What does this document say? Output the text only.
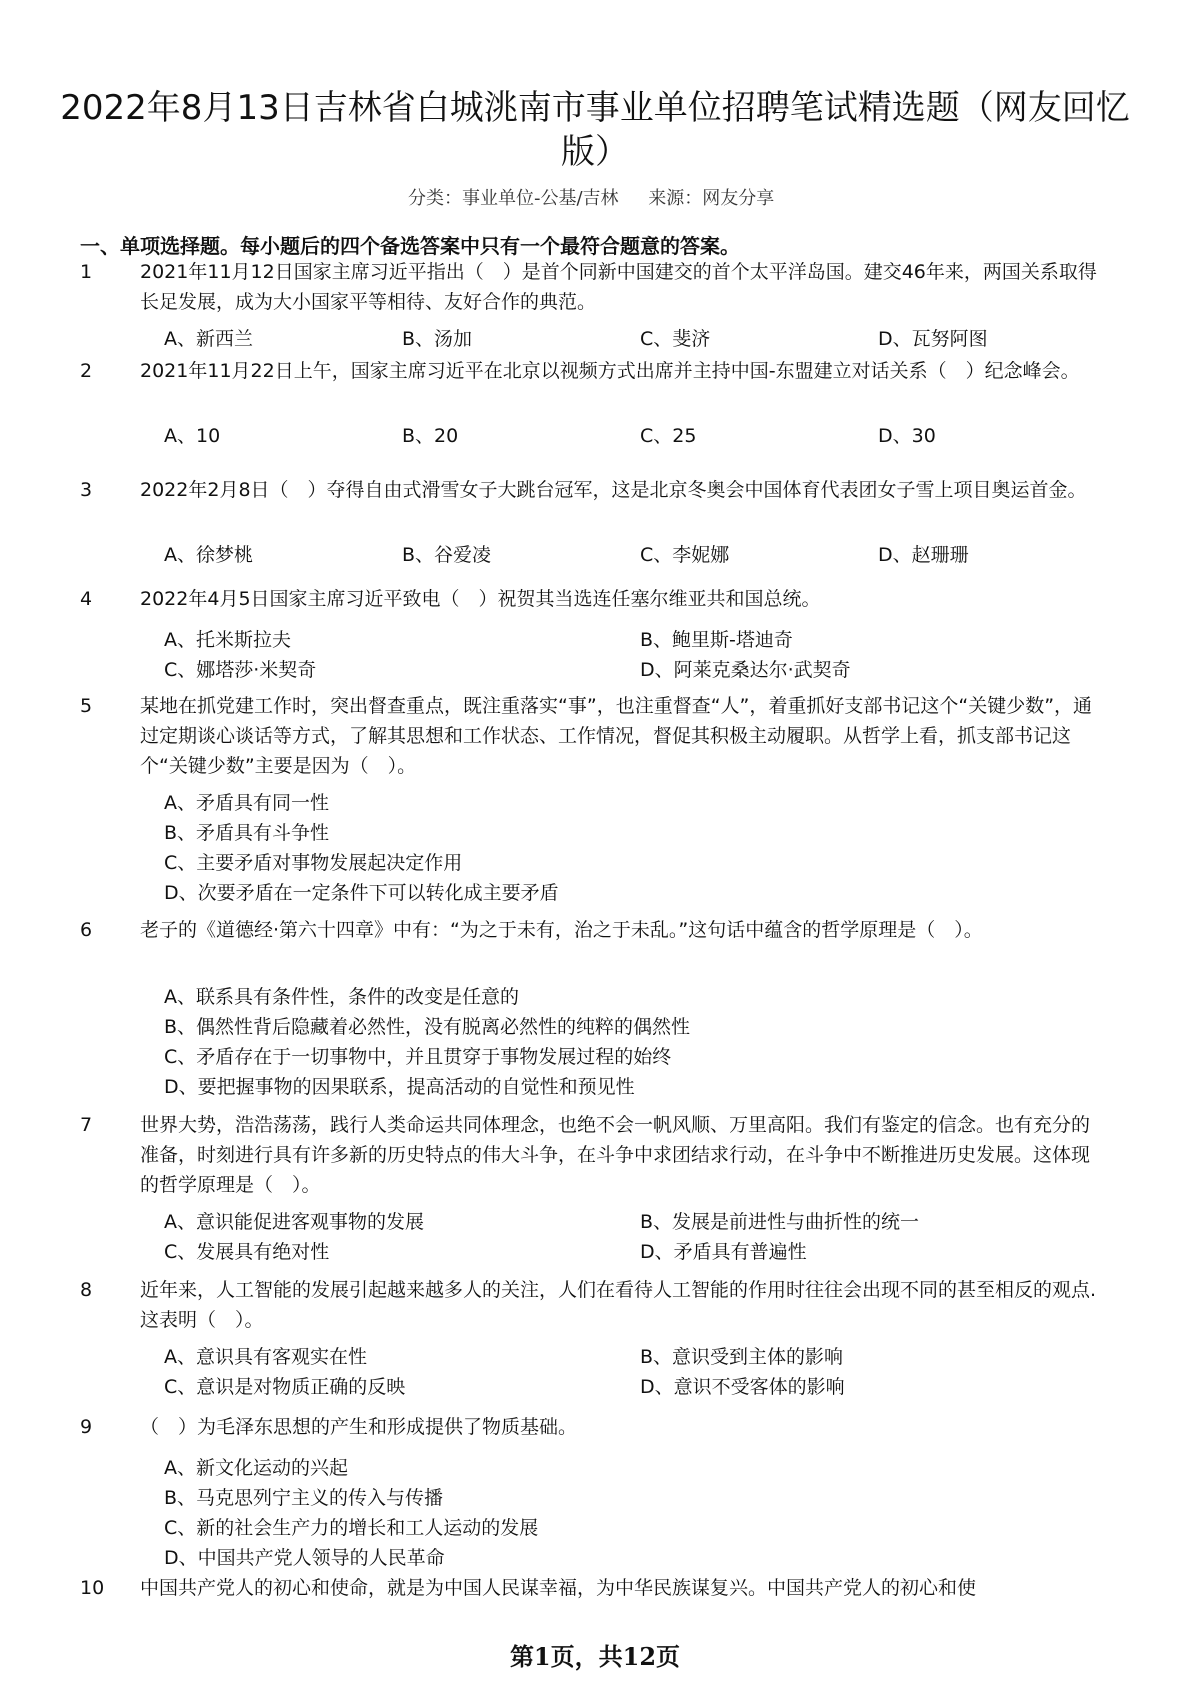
2022年8月13日吉林省白城洮南市事业单位招聘笔试精选题（网友回忆版）
分类：事业单位-公基/吉林 来源：网友分享
一、单项选择题。每小题后的四个备选答案中只有一个最符合题意的答案。
1	2021年11月12日国家主席习近平指出（　）是首个同新中国建交的首个太平洋岛国。建交46年来，两国关系取得长足发展，成为大小国家平等相待、友好合作的典范。

A、新西兰	B、汤加	C、斐济	D、瓦努阿图
2	2021年11月22日上午，国家主席习近平在北京以视频方式出席并主持中国-东盟建立对话关系（　）纪念峰会。

A、10	B、20	C、25	D、30
3	2022年2月8日（　）夺得自由式滑雪女子大跳台冠军，这是北京冬奥会中国体育代表团女子雪上项目奥运首金。

A、徐梦桃	B、谷爱凌	C、李妮娜	D、赵珊珊
4	2022年4月5日国家主席习近平致电（　）祝贺其当选连任塞尔维亚共和国总统。

A、托米斯拉夫	B、鲍里斯-塔迪奇
C、娜塔莎·米契奇	D、阿莱克桑达尔·武契奇
5	某地在抓党建工作时，突出督查重点，既注重落实“事”，也注重督查“人”，着重抓好支部书记这个“关键少数”，通过定期谈心谈话等方式，了解其思想和工作状态、工作情况，督促其积极主动履职。从哲学上看，抓支部书记这个“关键少数”主要是因为（　）。

A、矛盾具有同一性
B、矛盾具有斗争性
C、主要矛盾对事物发展起决定作用
D、次要矛盾在一定条件下可以转化成主要矛盾
6	老子的《道德经·第六十四章》中有：“为之于未有，治之于未乱。”这句话中蕴含的哲学原理是（　）。

A、联系具有条件性，条件的改变是任意的
B、偶然性背后隐藏着必然性，没有脱离必然性的纯粹的偶然性
C、矛盾存在于一切事物中，并且贯穿于事物发展过程的始终
D、要把握事物的因果联系，提高活动的自觉性和预见性
7	世界大势，浩浩荡荡，践行人类命运共同体理念，也绝不会一帆风顺、万里高阳。我们有鉴定的信念。也有充分的准备，时刻进行具有许多新的历史特点的伟大斗争，在斗争中求团结求行动，在斗争中不断推进历史发展。这体现的哲学原理是（　）。

A、意识能促进客观事物的发展	B、发展是前进性与曲折性的统一
C、发展具有绝对性	D、矛盾具有普遍性
8	近年来，人工智能的发展引起越来越多人的关注，人们在看待人工智能的作用时往往会出现不同的甚至相反的观点.这表明（　）。

A、意识具有客观实在性	B、意识受到主体的影响
C、意识是对物质正确的反映	D、意识不受客体的影响
9	（　）为毛泽东思想的产生和形成提供了物质基础。

A、新文化运动的兴起
B、马克思列宁主义的传入与传播
C、新的社会生产力的增长和工人运动的发展
D、中国共产党人领导的人民革命
10 中国共产党人的初心和使命，就是为中国人民谋幸福，为中华民族谋复兴。中国共产党人的初心和使

第1页，共12页
